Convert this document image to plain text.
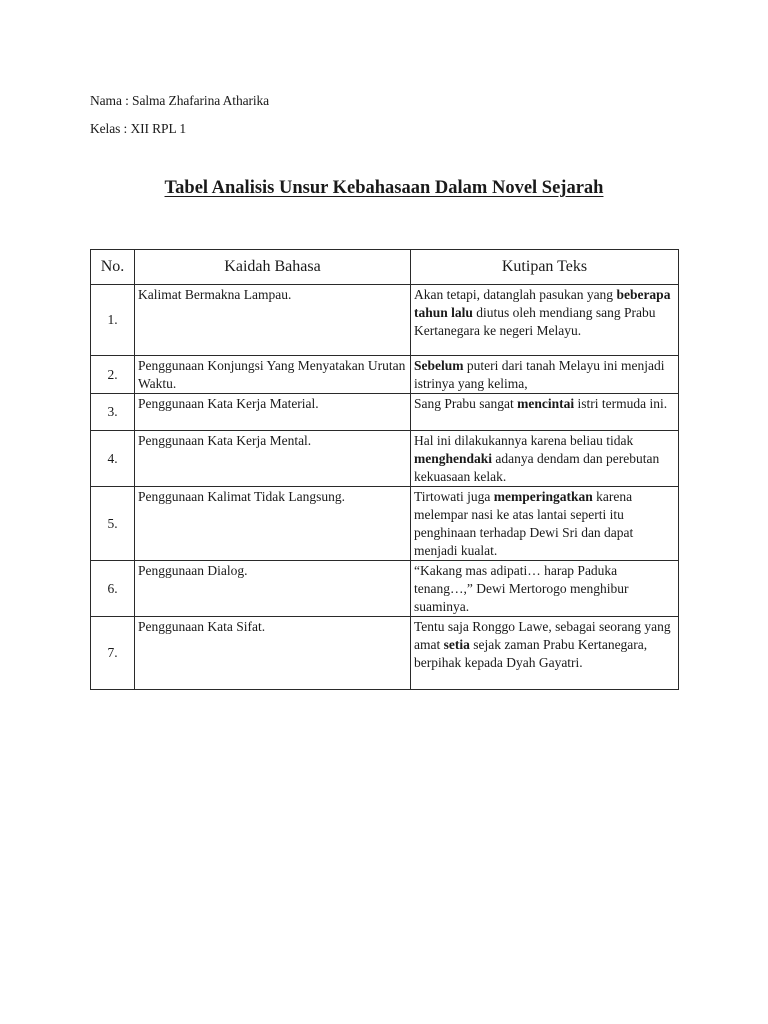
Nama : Salma Zhafarina Atharika
Kelas : XII RPL 1
Tabel Analisis Unsur Kebahasaan Dalam Novel Sejarah
No.	Kaidah Bahasa	Kutipan Teks
1.	Kalimat Bermakna Lampau.	Akan tetapi, datanglah pasukan yang beberapa tahun lalu diutus oleh mendiang sang Prabu Kertanegara ke negeri Melayu.
2.	Penggunaan Konjungsi Yang Menyatakan Urutan Waktu.	Sebelum puteri dari tanah Melayu ini menjadi istrinya yang kelima,
3.	Penggunaan Kata Kerja Material.	Sang Prabu sangat mencintai istri termuda ini.
4.	Penggunaan Kata Kerja Mental.	Hal ini dilakukannya karena beliau tidak menghendaki adanya dendam dan perebutan kekuasaan kelak.
5.	Penggunaan Kalimat Tidak Langsung.	Tirtowati juga memperingatkan karena melempar nasi ke atas lantai seperti itu penghinaan terhadap Dewi Sri dan dapat menjadi kualat.
6.	Penggunaan Dialog.	“Kakang mas adipati… harap Paduka tenang…,” Dewi Mertorogo menghibur suaminya.
7.	Penggunaan Kata Sifat.	Tentu saja Ronggo Lawe, sebagai seorang yang amat setia sejak zaman Prabu Kertanegara, berpihak kepada Dyah Gayatri.
